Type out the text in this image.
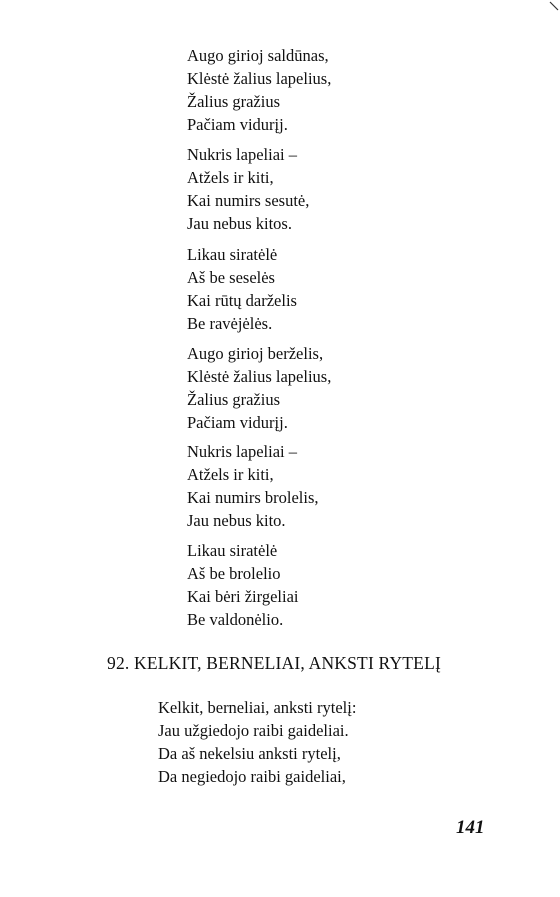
Augo girioj saldūnas,
Klėstė žalius lapelius,
Žalius gražius
Pačiam vidurįj.
Nukris lapeliai –
Atžels ir kiti,
Kai numirs sesutė,
Jau nebus kitos.
Likau siratėlė
Aš be seselės
Kai rūtų darželis
Be ravėjėlės.
Augo girioj berželis,
Klėstė žalius lapelius,
Žalius gražius
Pačiam vidurįj.
Nukris lapeliai –
Atžels ir kiti,
Kai numirs brolelis,
Jau nebus kito.
Likau siratėlė
Aš be brolelio
Kai bėri žirgeliai
Be valdonėlio.
92. KELKIT, BERNELIAI, ANKSTI RYTELĮ
Kelkit, berneliai, anksti rytelį:
Jau užgiedojo raibi gaideliai.
Da aš nekelsiu anksti rytelį,
Da negiedojo raibi gaideliai,
141
